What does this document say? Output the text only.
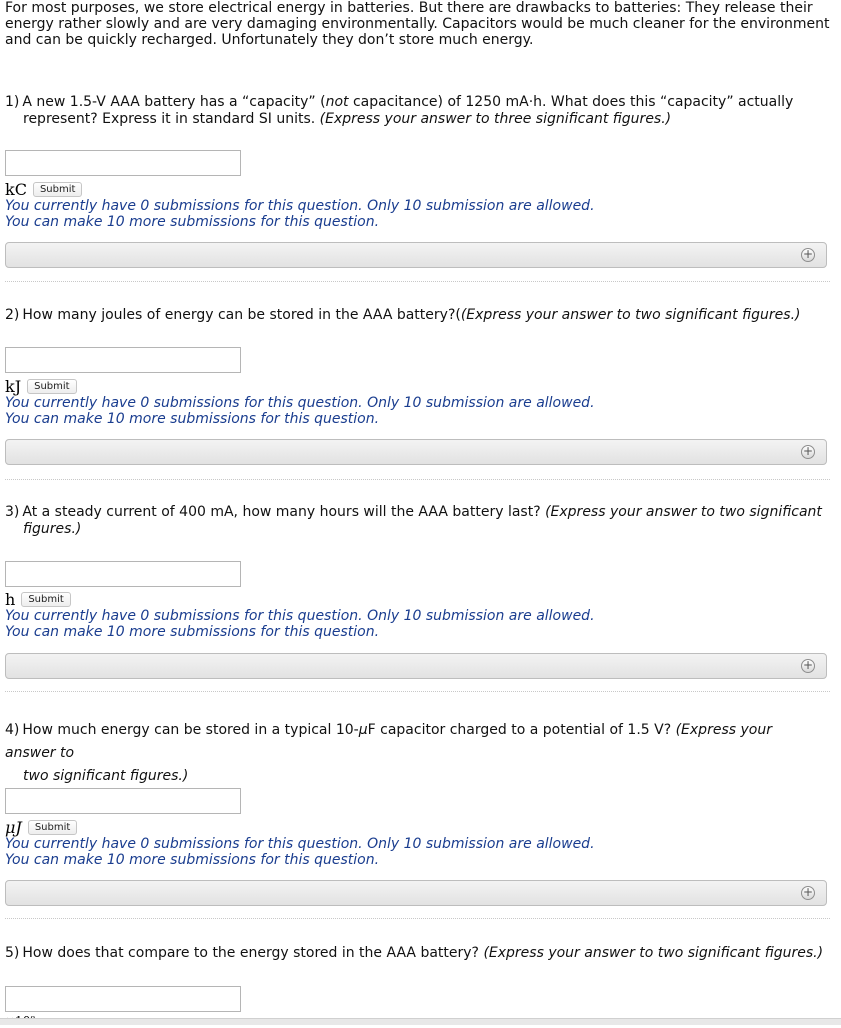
For most purposes, we store electrical energy in batteries. But there are drawbacks to batteries: They release their energy rather slowly and are very damaging environmentally. Capacitors would be much cleaner for the environment and can be quickly recharged. Unfortunately they don’t store much energy.
1) A new 1.5-V AAA battery has a “capacity” (not capacitance) of 1250 mA·h. What does this “capacity” actually
represent? Express it in standard SI units. (Express your answer to three significant figures.)
kC	Submit
You currently have 0 submissions for this question. Only 10 submission are allowed.
You can make 10 more submissions for this question.
+
2) How many joules of energy can be stored in the AAA battery?((Express your answer to two significant figures.)
kJ	Submit
You currently have 0 submissions for this question. Only 10 submission are allowed.
You can make 10 more submissions for this question.
+
3) At a steady current of 400 mA, how many hours will the AAA battery last? (Express your answer to two significant
figures.)
h	Submit
You currently have 0 submissions for this question. Only 10 submission are allowed.
You can make 10 more submissions for this question.
+
4) How much energy can be stored in a typical 10-μF capacitor charged to a potential of 1.5 V? (Express your answer to
two significant figures.)
μJ	Submit
You currently have 0 submissions for this question. Only 10 submission are allowed.
You can make 10 more submissions for this question.
+
5) How does that compare to the energy stored in the AAA battery? (Express your answer to two significant figures.)
